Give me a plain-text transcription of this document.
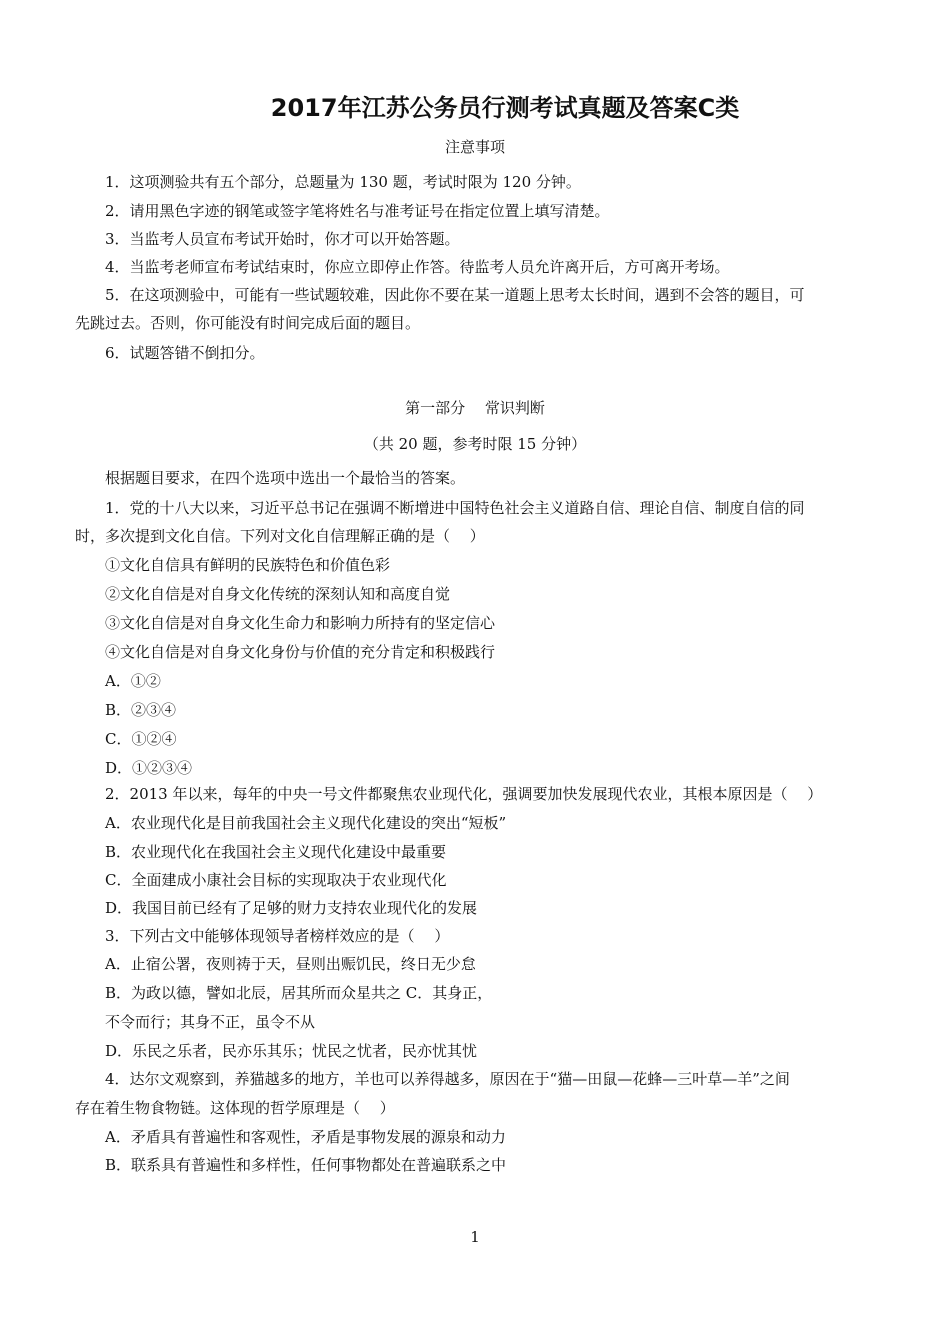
2017年江苏公务员行测考试真题及答案C类
注意事项
1．这项测验共有五个部分，总题量为 130 题，考试时限为 120 分钟。
2．请用黑色字迹的钢笔或签字笔将姓名与准考证号在指定位置上填写清楚。
3．当监考人员宣布考试开始时，你才可以开始答题。
4．当监考老师宣布考试结束时，你应立即停止作答。待监考人员允许离开后，方可离开考场。
5．在这项测验中，可能有一些试题较难，因此你不要在某一道题上思考太长时间，遇到不会答的题目，可
先跳过去。否则，你可能没有时间完成后面的题目。
6．试题答错不倒扣分。
第一部分　 常识判断
（共 20 题，参考时限 15 分钟）
根据题目要求，在四个选项中选出一个最恰当的答案。
1．党的十八大以来，习近平总书记在强调不断增进中国特色社会主义道路自信、理论自信、制度自信的同
时，多次提到文化自信。下列对文化自信理解正确的是（　 ）
①文化自信具有鲜明的民族特色和价值色彩
②文化自信是对自身文化传统的深刻认知和高度自觉
③文化自信是对自身文化生命力和影响力所持有的坚定信心
④文化自信是对自身文化身份与价值的充分肯定和积极践行
A．①②
B．②③④
C．①②④
D．①②③④
2．2013 年以来，每年的中央一号文件都聚焦农业现代化，强调要加快发展现代农业，其根本原因是（　 ）
A．农业现代化是目前我国社会主义现代化建设的突出“短板”
B．农业现代化在我国社会主义现代化建设中最重要
C．全面建成小康社会目标的实现取决于农业现代化
D．我国目前已经有了足够的财力支持农业现代化的发展
3．下列古文中能够体现领导者榜样效应的是（　 ）
A．止宿公署，夜则祷于天，昼则出赈饥民，终日无少怠
B．为政以德，譬如北辰，居其所而众星共之 C．其身正，
不令而行；其身不正，虽令不从
D．乐民之乐者，民亦乐其乐；忧民之忧者，民亦忧其忧
4．达尔文观察到，养猫越多的地方，羊也可以养得越多，原因在于“猫—田鼠—花蜂—三叶草—羊”之间
存在着生物食物链。这体现的哲学原理是（　 ）
A．矛盾具有普遍性和客观性，矛盾是事物发展的源泉和动力
B．联系具有普遍性和多样性，任何事物都处在普遍联系之中
1
